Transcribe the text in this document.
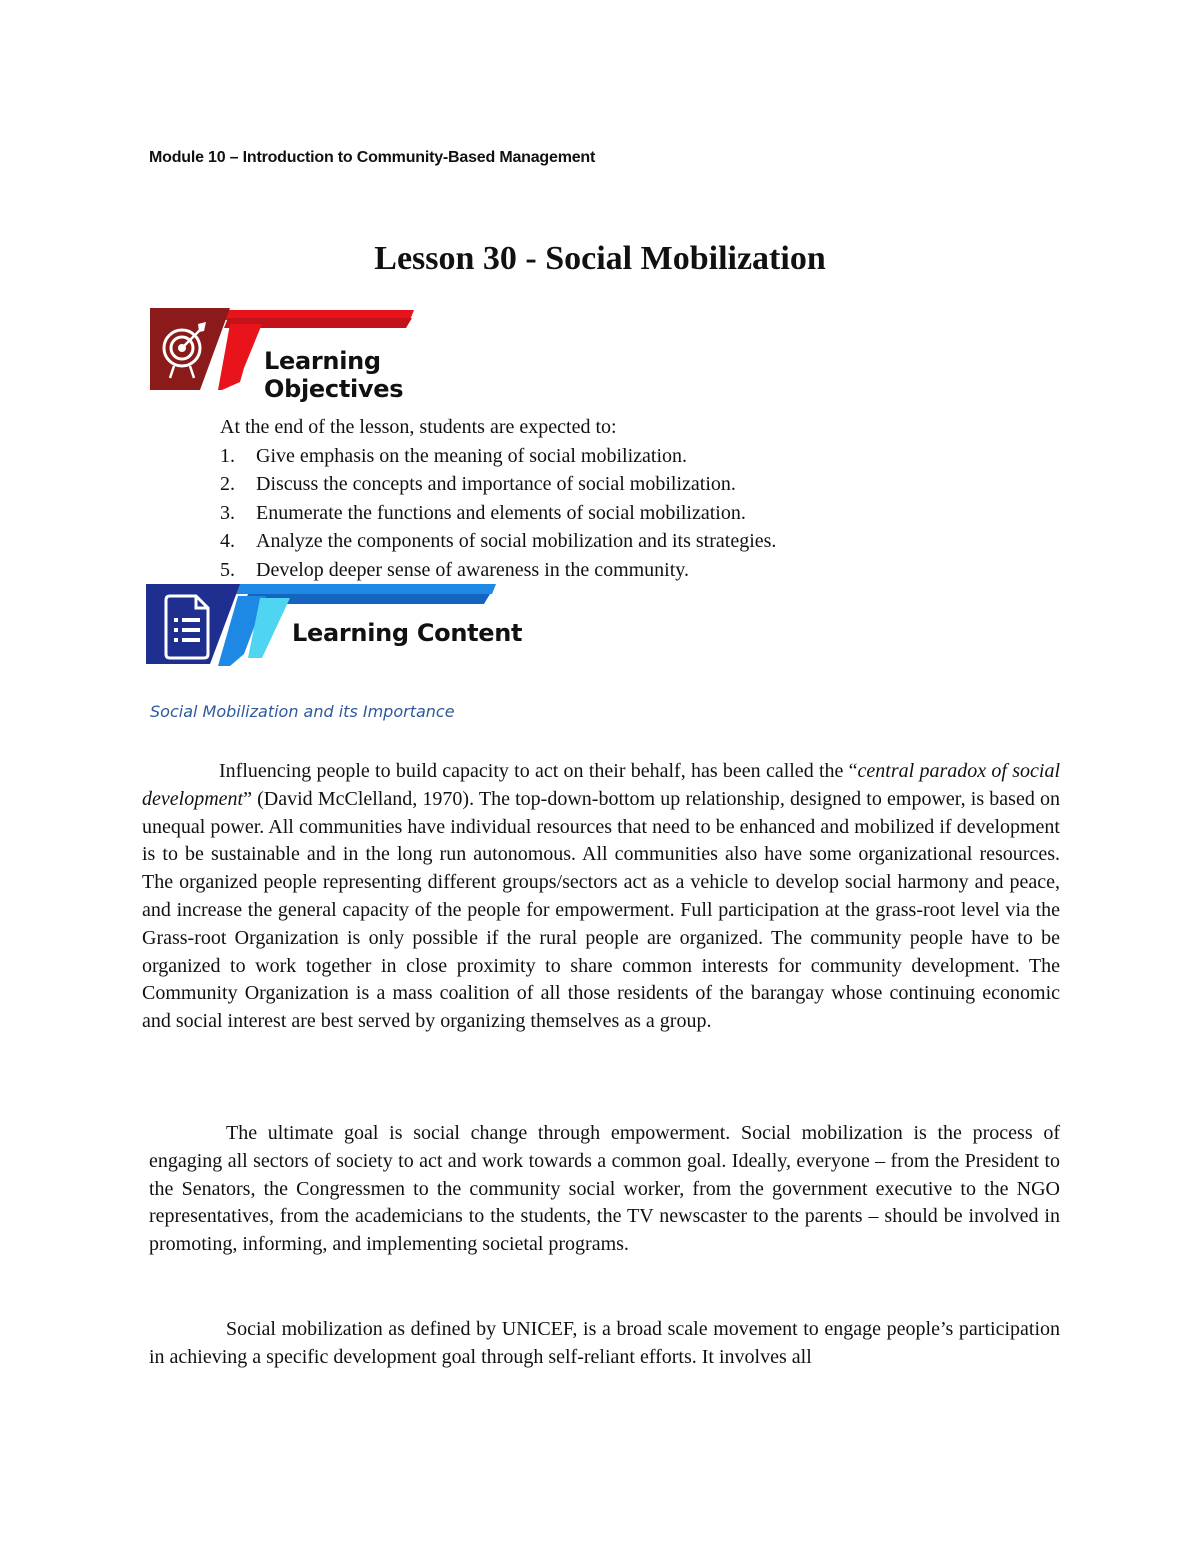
Module 10 – Introduction to Community-Based Management
Lesson 30 - Social Mobilization
Learning Objectives
At the end of the lesson, students are expected to:
1. Give emphasis on the meaning of social mobilization.
2. Discuss the concepts and importance of social mobilization.
3. Enumerate the functions and elements of social mobilization.
4. Analyze the components of social mobilization and its strategies.
5. Develop deeper sense of awareness in the community.
Learning Content
Social Mobilization and its Importance

Influencing people to build capacity to act on their behalf, has been called the “central paradox of social development” (David McClelland, 1970). The top-down-bottom up relationship, designed to empower, is based on unequal power. All communities have individual resources that need to be enhanced and mobilized if development is to be sustainable and in the long run autonomous. All communities also have some organizational resources. The organized people representing different groups/sectors act as a vehicle to develop social harmony and peace, and increase the general capacity of the people for empowerment. Full participation at the grass-root level via the Grass-root Organization is only possible if the rural people are organized. The community people have to be organized to work together in close proximity to share common interests for community development. The Community Organization is a mass coalition of all those residents of the barangay whose continuing economic and social interest are best served by organizing themselves as a group.

The ultimate goal is social change through empowerment. Social mobilization is the process of engaging all sectors of society to act and work towards a common goal. Ideally, everyone – from the President to the Senators, the Congressmen to the community social worker, from the government executive to the NGO representatives, from the academicians to the students, the TV newscaster to the parents – should be involved in promoting, informing, and implementing societal programs.

Social mobilization as defined by UNICEF, is a broad scale movement to engage people’s participation in achieving a specific development goal through self-reliant efforts. It involves all
